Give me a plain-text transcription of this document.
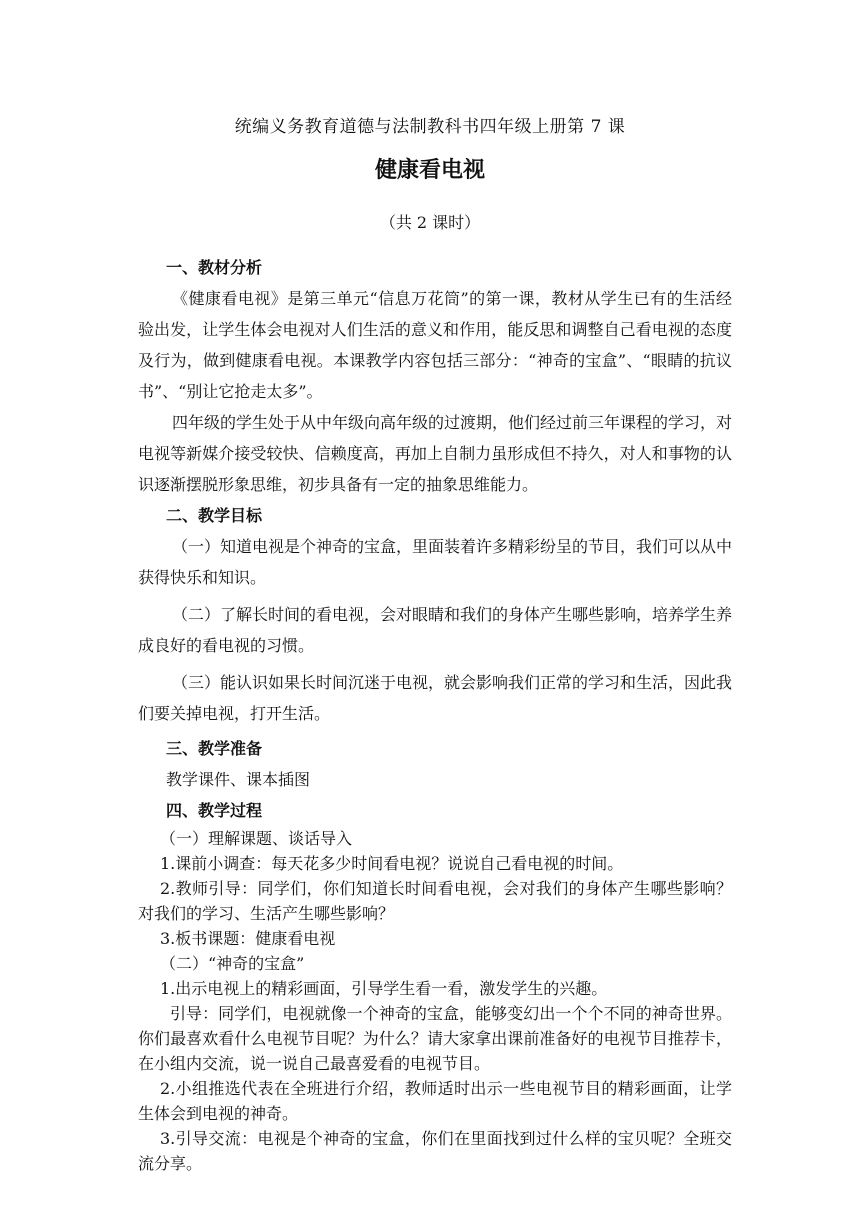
统编义务教育道德与法制教科书四年级上册第 7 课
健康看电视
（共 2 课时）
一、教材分析
《健康看电视》是第三单元“信息万花筒”的第一课，教材从学生已有的生活经验出发，让学生体会电视对人们生活的意义和作用，能反思和调整自己看电视的态度及行为，做到健康看电视。本课教学内容包括三部分：“神奇的宝盒”、“眼睛的抗议书”、“别让它抢走太多”。
四年级的学生处于从中年级向高年级的过渡期，他们经过前三年课程的学习，对电视等新媒介接受较快、信赖度高，再加上自制力虽形成但不持久，对人和事物的认识逐渐摆脱形象思维，初步具备有一定的抽象思维能力。
二、教学目标
（一）知道电视是个神奇的宝盒，里面装着许多精彩纷呈的节目，我们可以从中获得快乐和知识。
（二）了解长时间的看电视，会对眼睛和我们的身体产生哪些影响，培养学生养成良好的看电视的习惯。
（三）能认识如果长时间沉迷于电视，就会影响我们正常的学习和生活，因此我们要关掉电视，打开生活。
三、教学准备
教学课件、课本插图
四、教学过程
（一）理解课题、谈话导入
1.课前小调查：每天花多少时间看电视？说说自己看电视的时间。
2.教师引导：同学们，你们知道长时间看电视，会对我们的身体产生哪些影响？对我们的学习、生活产生哪些影响？
3.板书课题：健康看电视
（二）“神奇的宝盒”
1.出示电视上的精彩画面，引导学生看一看，激发学生的兴趣。
引导：同学们，电视就像一个神奇的宝盒，能够变幻出一个个不同的神奇世界。你们最喜欢看什么电视节目呢？为什么？请大家拿出课前准备好的电视节目推荐卡，在小组内交流，说一说自己最喜爱看的电视节目。
2.小组推选代表在全班进行介绍，教师适时出示一些电视节目的精彩画面，让学生体会到电视的神奇。
3.引导交流：电视是个神奇的宝盒，你们在里面找到过什么样的宝贝呢？全班交流分享。
